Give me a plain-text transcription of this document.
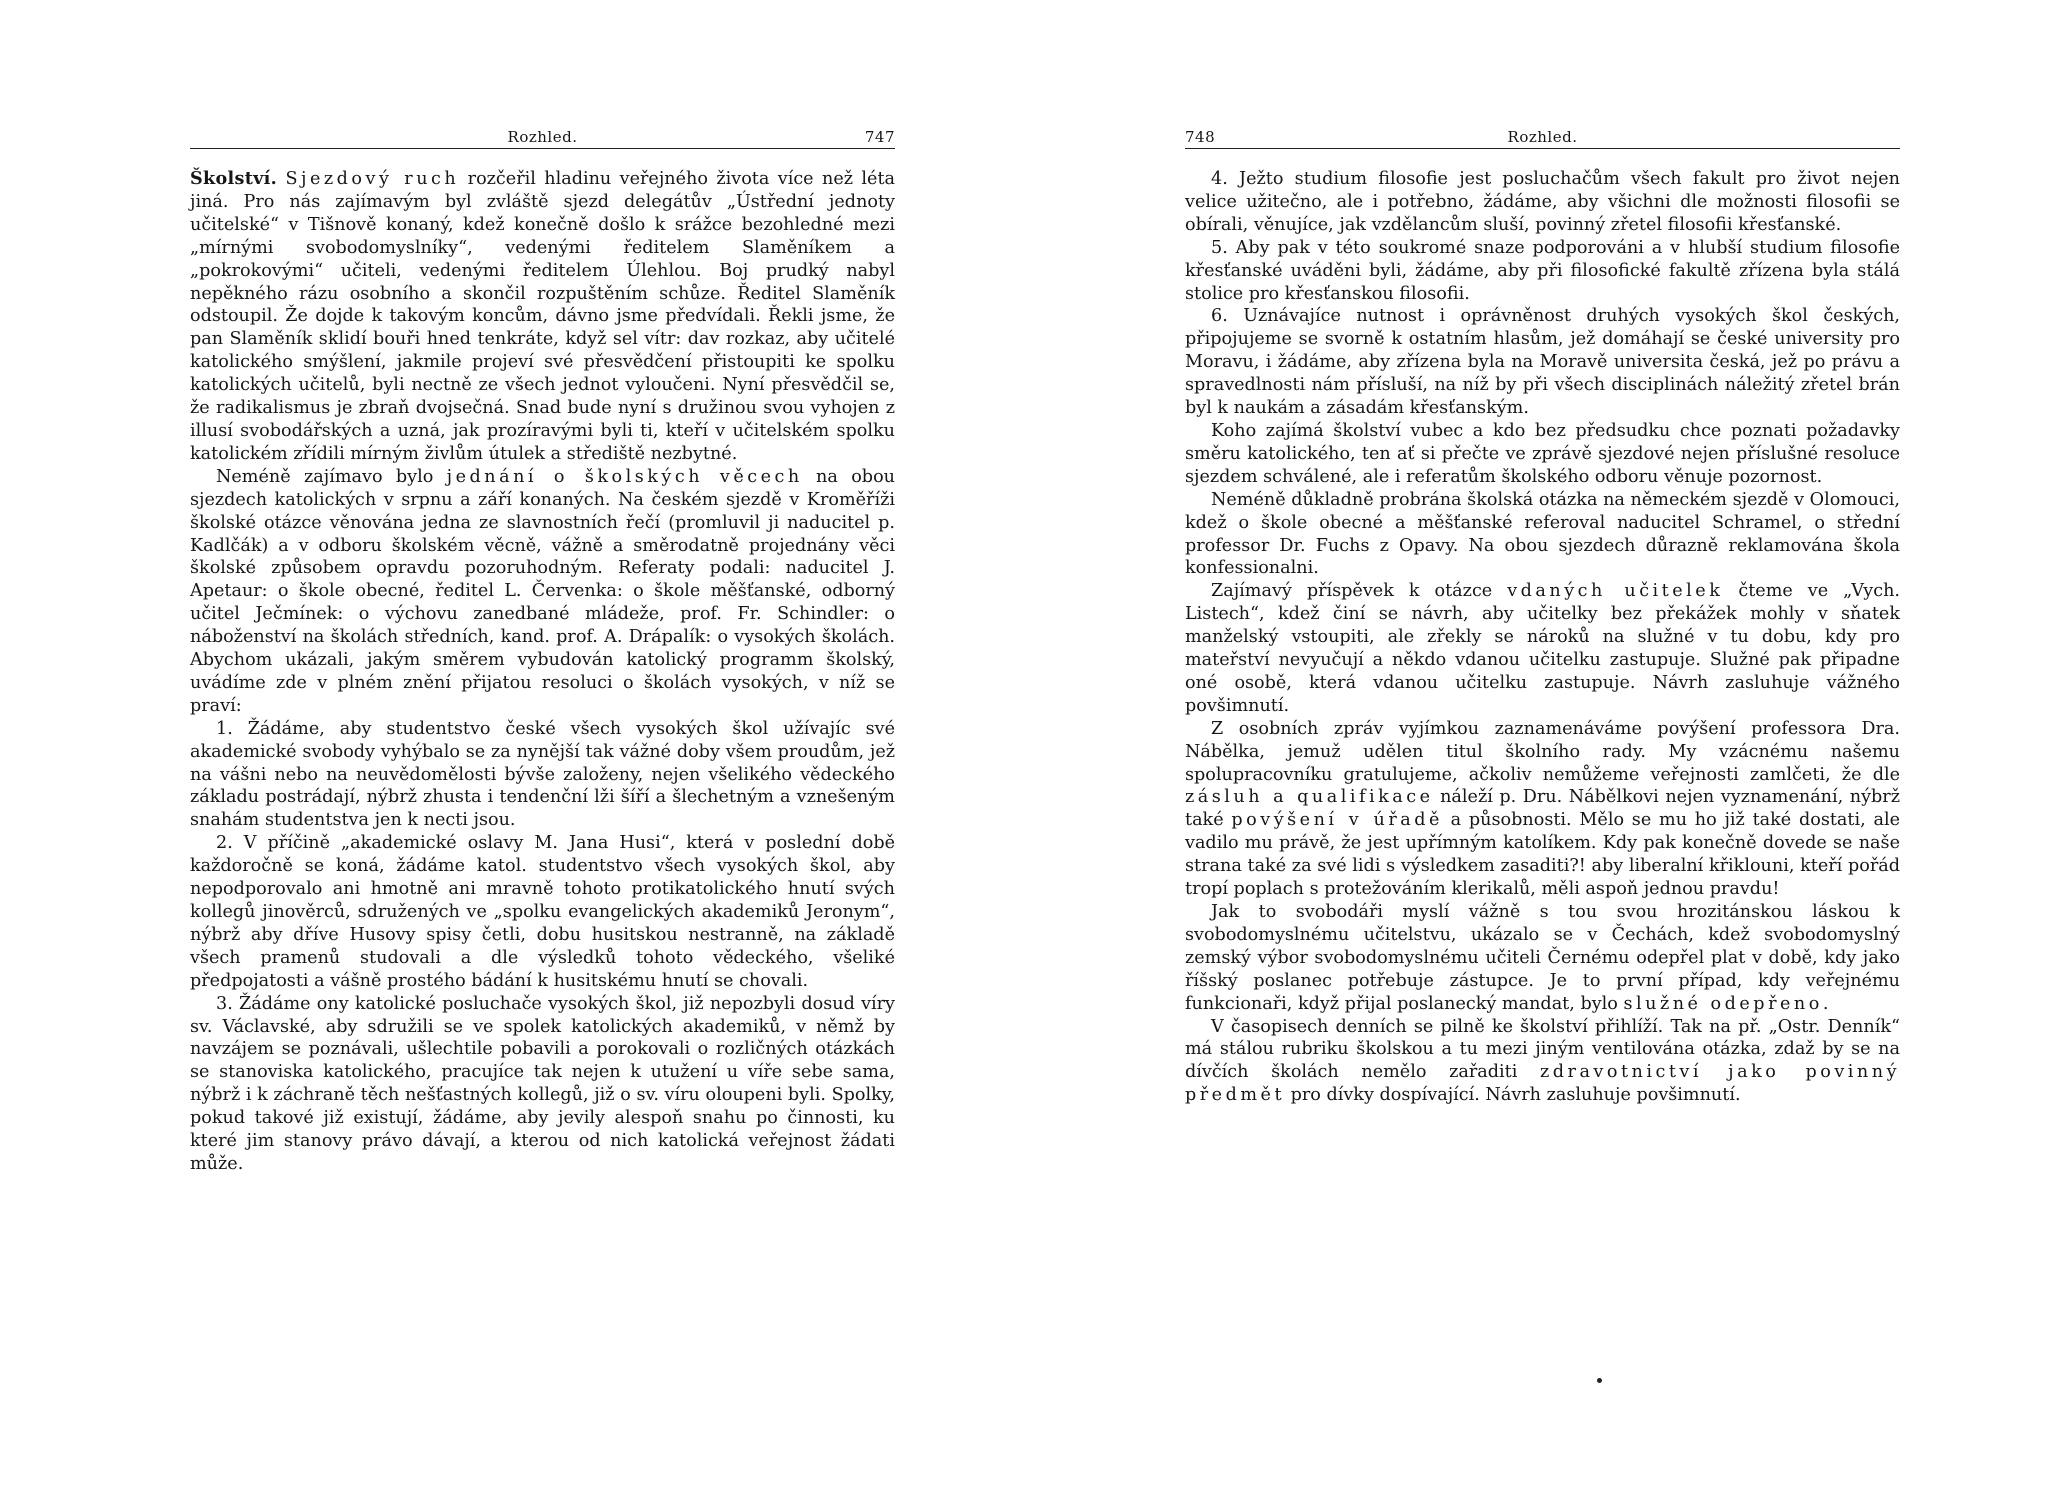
Rozhled.	747

Školství. Sjezdový ruch rozčeřil hladinu veřejného života více než léta jiná. Pro nás zajímavým byl zvláště sjezd delegátův „Ústřední jednoty učitelské“ v Tišnově konaný, kdež konečně došlo k srážce bezohledné mezi „mírnými svobodomyslníky“, vedenými ředitelem Slaměníkem a „pokrokovými“ učiteli, vedenými ředitelem Úlehlou. Boj prudký nabyl nepěkného rázu osobního a skončil rozpuštěním schůze. Ředitel Slaměník odstoupil. Že dojde k takovým koncům, dávno jsme předvídali. Řekli jsme, že pan Slaměník sklidí bouři hned tenkráte, když sel vítr: dav rozkaz, aby učitelé katolického smýšlení, jakmile projeví své přesvědčení přistoupiti ke spolku katolických učitelů, byli nectně ze všech jednot vyloučeni. Nyní přesvědčil se, že radikalismus je zbraň dvojsečná. Snad bude nyní s družinou svou vyhojen z illusí svobodářských a uzná, jak prozíravými byli ti, kteří v učitelském spolku katolickém zřídili mírným živlům útulek a střediště nezbytné.

Neméně zajímavo bylo jednání o školských věcech na obou sjezdech katolických v srpnu a září konaných. Na českém sjezdě v Kroměříži školské otázce věnována jedna ze slavnostních řečí (promluvil ji naducitel p. Kadlčák) a v odboru školském věcně, vážně a směrodatně projednány věci školské způsobem opravdu pozoruhodným. Referaty podali: naducitel J. Apetaur: o škole obecné, ředitel L. Červenka: o škole měšťanské, odborný učitel Ječmínek: o výchovu zanedbané mládeže, prof. Fr. Schindler: o náboženství na školách středních, kand. prof. A. Drápalík: o vysokých školách. Abychom ukázali, jakým směrem vybudován katolický programm školský, uvádíme zde v plném znění přijatou resoluci o školách vysokých, v níž se praví:

1. Žádáme, aby studentstvo české všech vysokých škol užívajíc své akademické svobody vyhýbalo se za nynější tak vážné doby všem proudům, jež na vášni nebo na neuvědomělosti bývše založeny, nejen všelikého vědeckého základu postrádají, nýbrž zhusta i tendenční lži šíří a šlechetným a vznešeným snahám studentstva jen k necti jsou.

2. V příčině „akademické oslavy M. Jana Husi“, která v poslední době každoročně se koná, žádáme katol. studentstvo všech vysokých škol, aby nepodporovalo ani hmotně ani mravně tohoto protikatolického hnutí svých kollegů jinověrců, sdružených ve „spolku evangelických akademiků Jeronym“, nýbrž aby dříve Husovy spisy četli, dobu husitskou nestranně, na základě všech pramenů studovali a dle výsledků tohoto vědeckého, všeliké předpojatosti a vášně prostého bádání k husitskému hnutí se chovali.

3. Žádáme ony katolické posluchače vysokých škol, již nepozbyli dosud víry sv. Václavské, aby sdružili se ve spolek katolických akademiků, v němž by navzájem se poznávali, ušlechtile pobavili a porokovali o rozličných otázkách se stanoviska katolického, pracujíce tak nejen k utužení u víře sebe sama, nýbrž i k záchraně těch nešťastných kollegů, již o sv. víru oloupeni byli. Spolky, pokud takové již existují, žádáme, aby jevily alespoň snahu po činnosti, ku které jim stanovy právo dávají, a kterou od nich katolická veřejnost žádati může.

748	Rozhled.

4. Ježto studium filosofie jest posluchačům všech fakult pro život nejen velice užitečno, ale i potřebno, žádáme, aby všichni dle možnosti filosofii se obírali, věnujíce, jak vzdělancům sluší, povinný zřetel filosofii křesťanské.

5. Aby pak v této soukromé snaze podporováni a v hlubší studium filosofie křesťanské uváděni byli, žádáme, aby při filosofické fakultě zřízena byla stálá stolice pro křesťanskou filosofii.

6. Uznávajíce nutnost i oprávněnost druhých vysokých škol českých, připojujeme se svorně k ostatním hlasům, jež domáhají se české university pro Moravu, i žádáme, aby zřízena byla na Moravě universita česká, jež po právu a spravedlnosti nám přísluší, na níž by při všech disciplinách náležitý zřetel brán byl k naukám a zásadám křesťanským.

Koho zajímá školství vubec a kdo bez předsudku chce poznati požadavky směru katolického, ten ať si přečte ve zprávě sjezdové nejen příslušné resoluce sjezdem schválené, ale i referatům školského odboru věnuje pozornost.

Neméně důkladně probrána školská otázka na německém sjezdě v Olomouci, kdež o škole obecné a měšťanské referoval naducitel Schramel, o střední professor Dr. Fuchs z Opavy. Na obou sjezdech důrazně reklamována škola konfessionalni.

Zajímavý příspěvek k otázce vdaných učitelek čteme ve „Vych. Listech“, kdež činí se návrh, aby učitelky bez překážek mohly v sňatek manželský vstoupiti, ale zřekly se nároků na služné v tu dobu, kdy pro mateřství nevyučují a někdo vdanou učitelku zastupuje. Služné pak připadne oné osobě, která vdanou učitelku zastupuje. Návrh zasluhuje vážného povšimnutí.

Z osobních zpráv vyjímkou zaznamenáváme povýšení professora Dra. Nábělka, jemuž udělen titul školního rady. My vzácnému našemu spolupracovníku gratulujeme, ačkoliv nemůžeme veřejnosti zamlčeti, že dle zásluh a qualifikace náleží p. Dru. Nábělkovi nejen vyznamenání, nýbrž také povýšení v úřadě a působnosti. Mělo se mu ho již také dostati, ale vadilo mu právě, že jest upřímným katolíkem. Kdy pak konečně dovede se naše strana také za své lidi s výsledkem zasaditi?! aby liberalní křiklouni, kteří pořád tropí poplach s protežováním klerikalů, měli aspoň jednou pravdu!

Jak to svobodáři myslí vážně s tou svou hrozitánskou láskou k svobodomyslnému učitelstvu, ukázalo se v Čechách, kdež svobodomyslný zemský výbor svobodomyslnému učiteli Černému odepřel plat v době, kdy jako říšský poslanec potřebuje zástupce. Je to první případ, kdy veřejnému funkcionaři, když přijal poslanecký mandat, bylo služné odepřeno.

V časopisech denních se pilně ke školství přihlíží. Tak na př. „Ostr. Denník“ má stálou rubriku školskou a tu mezi jiným ventilována otázka, zdaž by se na dívčích školách nemělo zařaditi zdravotnictví jako povinný předmět pro dívky dospívající. Návrh zasluhuje povšimnutí.
